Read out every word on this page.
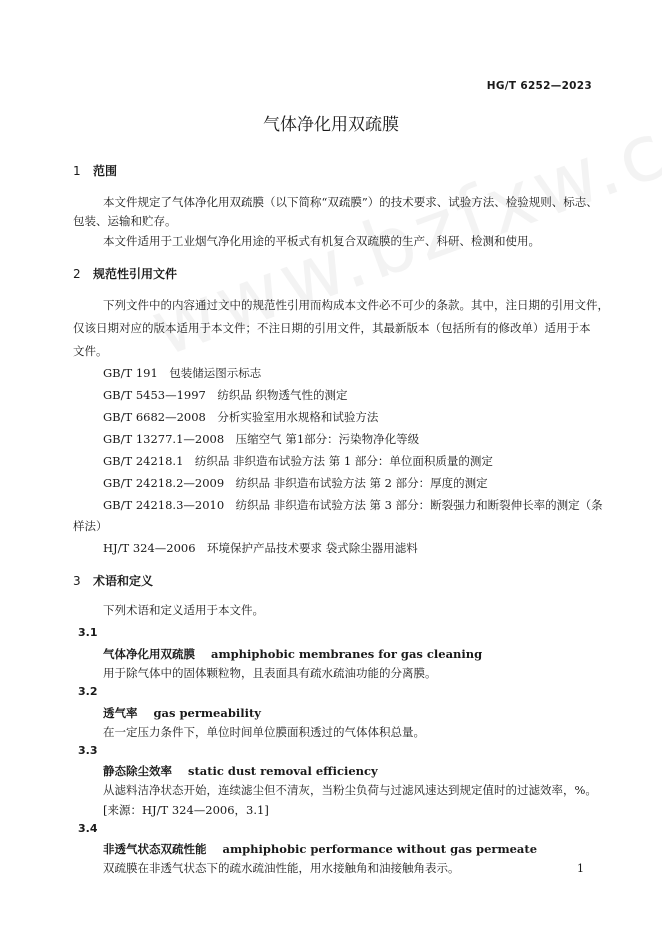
HG/T 6252—2023
气体净化用双疏膜
1 范围
本文件规定了气体净化用双疏膜（以下简称“双疏膜”）的技术要求、试验方法、检验规则、标志、
包装、运输和贮存。
本文件适用于工业烟气净化用途的平板式有机复合双疏膜的生产、科研、检测和使用。
2 规范性引用文件
下列文件中的内容通过文中的规范性引用而构成本文件必不可少的条款。其中，注日期的引用文件，
仅该日期对应的版本适用于本文件；不注日期的引用文件，其最新版本（包括所有的修改单）适用于本
文件。
GB/T 191　包装储运图示标志
GB/T 5453—1997　纺织品 织物透气性的测定
GB/T 6682—2008　分析实验室用水规格和试验方法
GB/T 13277.1—2008　压缩空气 第1部分：污染物净化等级
GB/T 24218.1　纺织品 非织造布试验方法 第 1 部分：单位面积质量的测定
GB/T 24218.2—2009　纺织品 非织造布试验方法 第 2 部分：厚度的测定
GB/T 24218.3—2010　纺织品 非织造布试验方法 第 3 部分：断裂强力和断裂伸长率的测定（条
样法）
HJ/T 324—2006　环境保护产品技术要求 袋式除尘器用滤料
3 术语和定义
下列术语和定义适用于本文件。
3.1
气体净化用双疏膜 amphiphobic membranes for gas cleaning
用于除气体中的固体颗粒物，且表面具有疏水疏油功能的分离膜。
3.2
透气率 gas permeability
在一定压力条件下，单位时间单位膜面积透过的气体体积总量。
3.3
静态除尘效率 static dust removal efficiency
从滤料洁净状态开始，连续滤尘但不清灰，当粉尘负荷与过滤风速达到规定值时的过滤效率，%。
[来源：HJ/T 324—2006，3.1]
3.4
非透气状态双疏性能 amphiphobic performance without gas permeate
双疏膜在非透气状态下的疏水疏油性能，用水接触角和油接触角表示。	1
